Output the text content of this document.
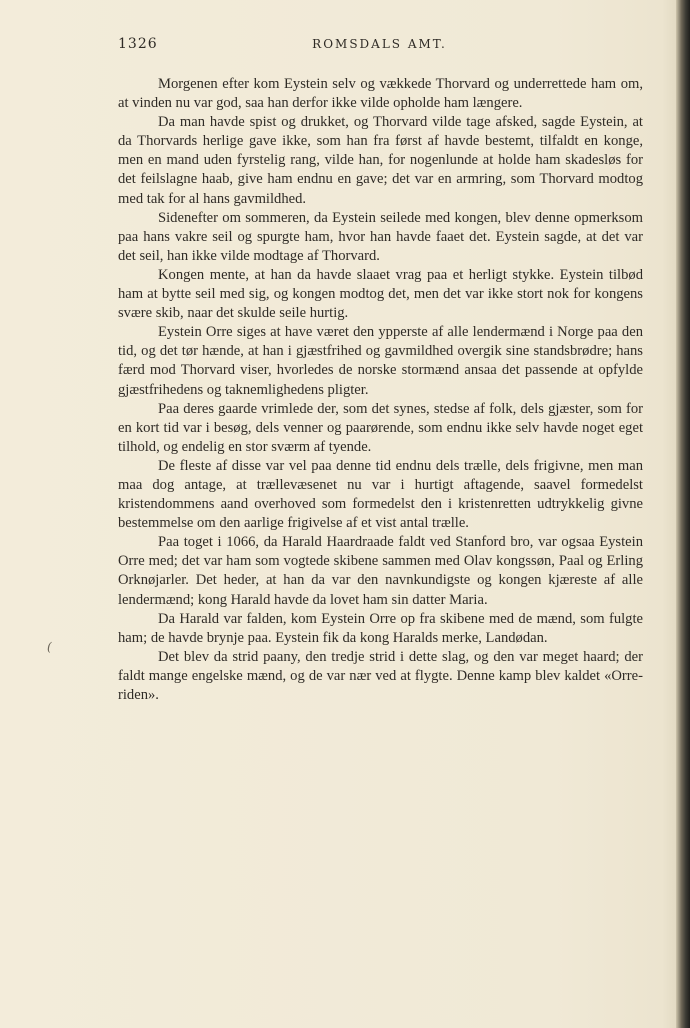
1326	ROMSDALS AMT.

Morgenen efter kom Eystein selv og vækkede Thorvard og underrettede ham om, at vinden nu var god, saa han derfor ikke vilde opholde ham længere.

Da man havde spist og drukket, og Thorvard vilde tage afsked, sagde Eystein, at da Thorvards herlige gave ikke, som han fra først af havde bestemt, tilfaldt en konge, men en mand uden fyrstelig rang, vilde han, for nogenlunde at holde ham skadesløs for det feilslagne haab, give ham endnu en gave; det var en armring, som Thorvard modtog med tak for al hans gavmildhed.

Sidenefter om sommeren, da Eystein seilede med kongen, blev denne opmerksom paa hans vakre seil og spurgte ham, hvor han havde faaet det. Eystein sagde, at det var det seil, han ikke vilde modtage af Thorvard.

Kongen mente, at han da havde slaaet vrag paa et herligt stykke. Eystein tilbød ham at bytte seil med sig, og kongen modtog det, men det var ikke stort nok for kongens svære skib, naar det skulde seile hurtig.

Eystein Orre siges at have været den ypperste af alle lendermænd i Norge paa den tid, og det tør hænde, at han i gjæstfrihed og gavmildhed overgik sine standsbrødre; hans færd mod Thorvard viser, hvorledes de norske stormænd ansaa det passende at opfylde gjæstfrihedens og taknemlighedens pligter.

Paa deres gaarde vrimlede der, som det synes, stedse af folk, dels gjæster, som for en kort tid var i besøg, dels venner og paarørende, som endnu ikke selv havde noget eget tilhold, og endelig en stor sværm af tyende.

De fleste af disse var vel paa denne tid endnu dels trælle, dels frigivne, men man maa dog antage, at trællevæsenet nu var i hurtigt aftagende, saavel formedelst kristendommens aand overhoved som formedelst den i kristenretten udtrykkelig givne bestemmelse om den aarlige frigivelse af et vist antal trælle.

Paa toget i 1066, da Harald Haardraade faldt ved Stanford bro, var ogsaa Eystein Orre med; det var ham som vogtede skibene sammen med Olav kongssøn, Paal og Erling Orknøjarler. Det heder, at han da var den navnkundigste og kongen kjæreste af alle lendermænd; kong Harald havde da lovet ham sin datter Maria.

Da Harald var falden, kom Eystein Orre op fra skibene med de mænd, som fulgte ham; de havde brynje paa. Eystein fik da kong Haralds merke, Landødan.

Det blev da strid paany, den tredje strid i dette slag, og den var meget haard; der faldt mange engelske mænd, og de var nær ved at flygte. Denne kamp blev kaldet «Orre-riden».

(
